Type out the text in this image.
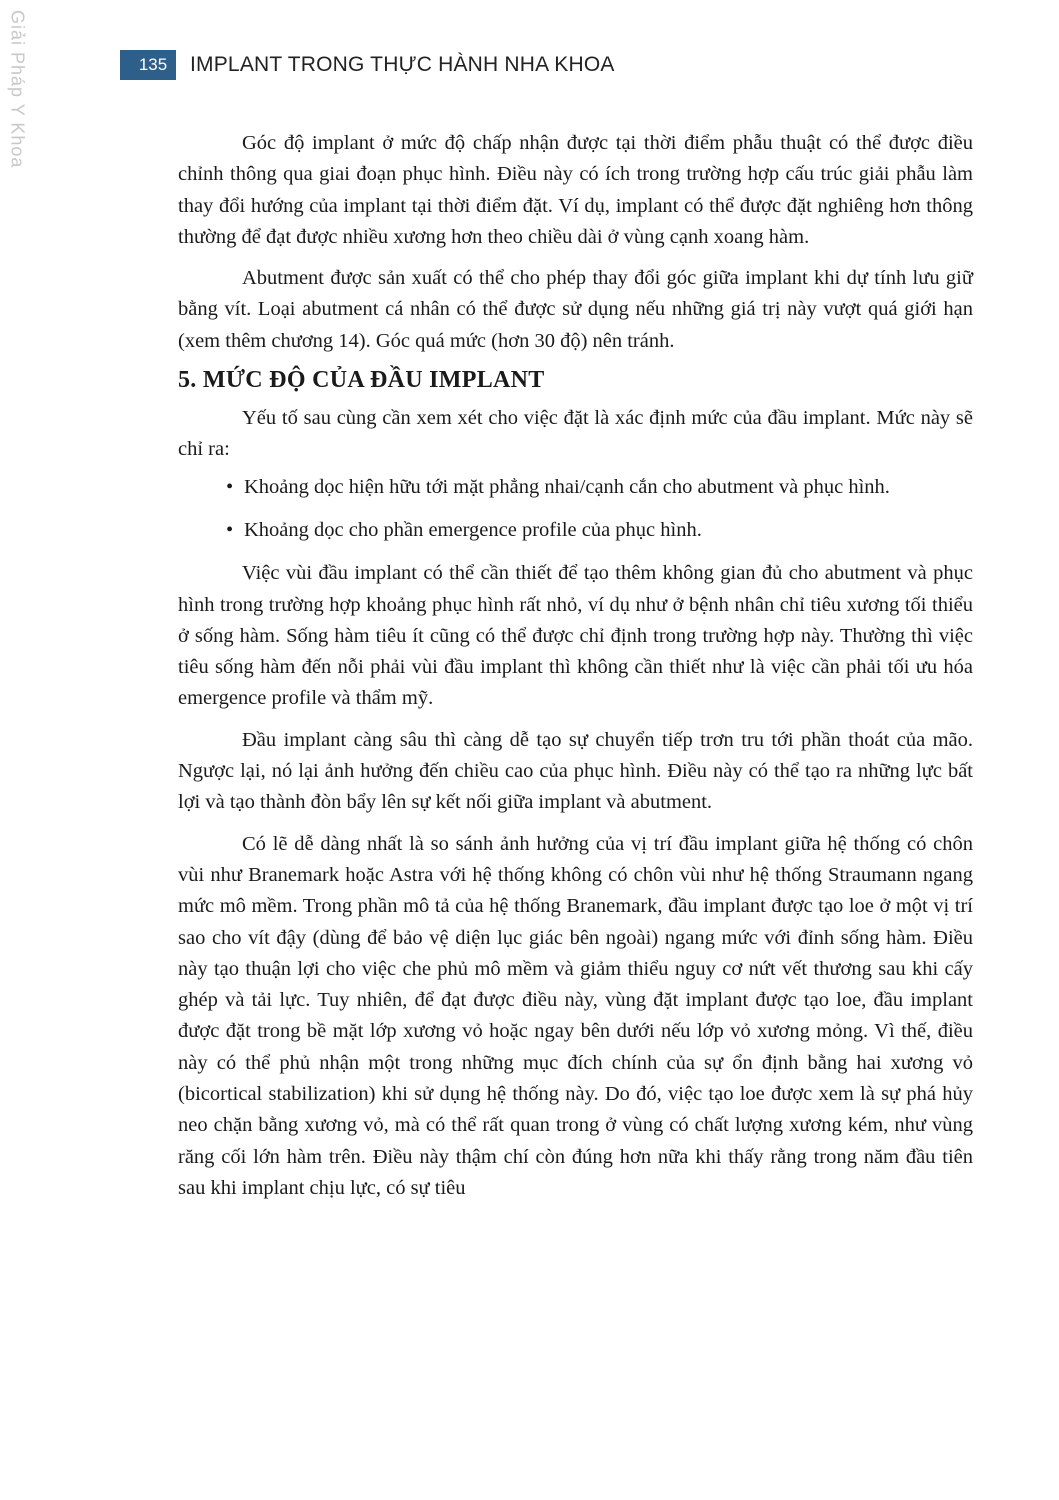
Giải Pháp Y Khoa	135	IMPLANT TRONG THỰC HÀNH NHA KHOA

Góc độ implant ở mức độ chấp nhận được tại thời điểm phẫu thuật có thể được điều chỉnh thông qua giai đoạn phục hình. Điều này có ích trong trường hợp cấu trúc giải phẫu làm thay đổi hướng của implant tại thời điểm đặt. Ví dụ, implant có thể được đặt nghiêng hơn thông thường để đạt được nhiều xương hơn theo chiều dài ở vùng cạnh xoang hàm.

Abutment được sản xuất có thể cho phép thay đổi góc giữa implant khi dự tính lưu giữ bằng vít. Loại abutment cá nhân có thể được sử dụng nếu những giá trị này vượt quá giới hạn (xem thêm chương 14). Góc quá mức (hơn 30 độ) nên tránh.

5. MỨC ĐỘ CỦA ĐẦU IMPLANT

Yếu tố sau cùng cần xem xét cho việc đặt là xác định mức của đầu implant. Mức này sẽ chỉ ra:

• Khoảng dọc hiện hữu tới mặt phẳng nhai/cạnh cắn cho abutment và phục hình.
• Khoảng dọc cho phần emergence profile của phục hình.

Việc vùi đầu implant có thể cần thiết để tạo thêm không gian đủ cho abutment và phục hình trong trường hợp khoảng phục hình rất nhỏ, ví dụ như ở bệnh nhân chỉ tiêu xương tối thiểu ở sống hàm. Sống hàm tiêu ít cũng có thể được chỉ định trong trường hợp này. Thường thì việc tiêu sống hàm đến nỗi phải vùi đầu implant thì không cần thiết như là việc cần phải tối ưu hóa emergence profile và thẩm mỹ.

Đầu implant càng sâu thì càng dễ tạo sự chuyển tiếp trơn tru tới phần thoát của mão. Ngược lại, nó lại ảnh hưởng đến chiều cao của phục hình. Điều này có thể tạo ra những lực bất lợi và tạo thành đòn bẩy lên sự kết nối giữa implant và abutment.

Có lẽ dễ dàng nhất là so sánh ảnh hưởng của vị trí đầu implant giữa hệ thống có chôn vùi như Branemark hoặc Astra với hệ thống không có chôn vùi như hệ thống Straumann ngang mức mô mềm. Trong phần mô tả của hệ thống Branemark, đầu implant được tạo loe ở một vị trí sao cho vít đậy (dùng để bảo vệ diện lục giác bên ngoài) ngang mức với đỉnh sống hàm. Điều này tạo thuận lợi cho việc che phủ mô mềm và giảm thiểu nguy cơ nứt vết thương sau khi cấy ghép và tải lực. Tuy nhiên, để đạt được điều này, vùng đặt implant được tạo loe, đầu implant được đặt trong bề mặt lớp xương vỏ hoặc ngay bên dưới nếu lớp vỏ xương mỏng. Vì thế, điều này có thể phủ nhận một trong những mục đích chính của sự ổn định bằng hai xương vỏ (bicortical stabilization) khi sử dụng hệ thống này. Do đó, việc tạo loe được xem là sự phá hủy neo chặn bằng xương vỏ, mà có thể rất quan trong ở vùng có chất lượng xương kém, như vùng răng cối lớn hàm trên. Điều này thậm chí còn đúng hơn nữa khi thấy rằng trong năm đầu tiên sau khi implant chịu lực, có sự tiêu
